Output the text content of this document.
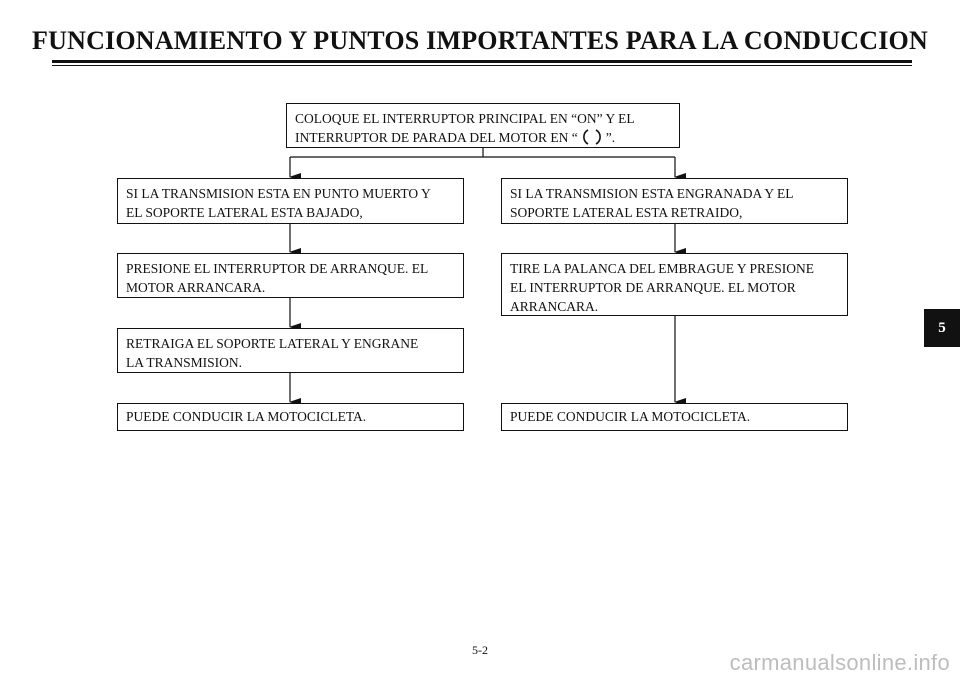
FUNCIONAMIENTO Y PUNTOS IMPORTANTES PARA LA CONDUCCION
COLOQUE EL INTERRUPTOR PRINCIPAL EN “ON” Y EL
INTERRUPTOR DE PARADA DEL MOTOR EN “ ”.
SI LA TRANSMISION ESTA EN PUNTO MUERTO Y
EL SOPORTE LATERAL ESTA BAJADO,
PRESIONE EL INTERRUPTOR DE ARRANQUE. EL
MOTOR ARRANCARA.
RETRAIGA EL SOPORTE LATERAL Y ENGRANE
LA TRANSMISION.
PUEDE CONDUCIR LA MOTOCICLETA.
SI LA TRANSMISION ESTA ENGRANADA Y EL
SOPORTE LATERAL ESTA RETRAIDO,
TIRE LA PALANCA DEL EMBRAGUE Y PRESIONE
EL INTERRUPTOR DE ARRANQUE. EL MOTOR
ARRANCARA.
PUEDE CONDUCIR LA MOTOCICLETA.
5
5-2	carmanualsonline.info
